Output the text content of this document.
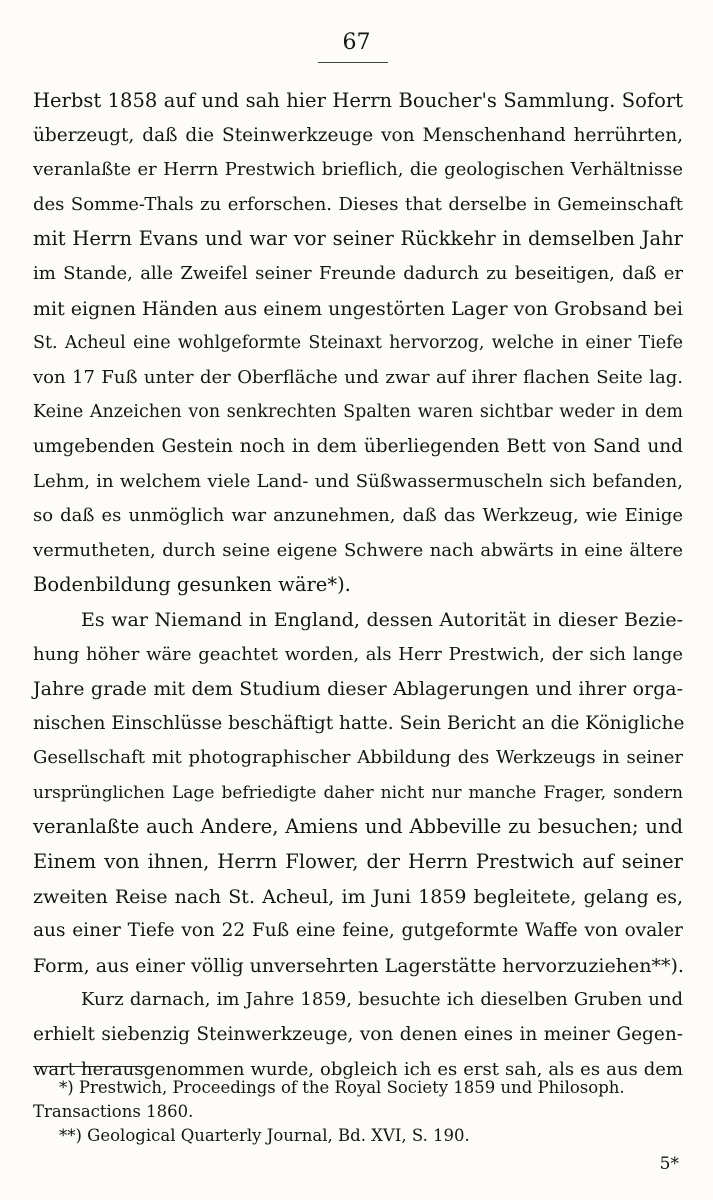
67
Herbst 1858 auf und sah hier Herrn Boucher's Sammlung. Sofort
überzeugt, daß die Steinwerkzeuge von Menschenhand herrührten,
veranlaßte er Herrn Prestwich brieflich, die geologischen Verhältnisse
des Somme-Thals zu erforschen. Dieses that derselbe in Gemeinschaft
mit Herrn Evans und war vor seiner Rückkehr in demselben Jahr
im Stande, alle Zweifel seiner Freunde dadurch zu beseitigen, daß er
mit eignen Händen aus einem ungestörten Lager von Grobsand bei
St. Acheul eine wohlgeformte Steinaxt hervorzog, welche in einer Tiefe
von 17 Fuß unter der Oberfläche und zwar auf ihrer flachen Seite lag.
Keine Anzeichen von senkrechten Spalten waren sichtbar weder in dem
umgebenden Gestein noch in dem überliegenden Bett von Sand und
Lehm, in welchem viele Land- und Süßwassermuscheln sich befanden,
so daß es unmöglich war anzunehmen, daß das Werkzeug, wie Einige
vermutheten, durch seine eigene Schwere nach abwärts in eine ältere
Bodenbildung gesunken wäre*).
Es war Niemand in England, dessen Autorität in dieser Bezie-
hung höher wäre geachtet worden, als Herr Prestwich, der sich lange
Jahre grade mit dem Studium dieser Ablagerungen und ihrer orga-
nischen Einschlüsse beschäftigt hatte. Sein Bericht an die Königliche
Gesellschaft mit photographischer Abbildung des Werkzeugs in seiner
ursprünglichen Lage befriedigte daher nicht nur manche Frager, sondern
veranlaßte auch Andere, Amiens und Abbeville zu besuchen; und
Einem von ihnen, Herrn Flower, der Herrn Prestwich auf seiner
zweiten Reise nach St. Acheul, im Juni 1859 begleitete, gelang es,
aus einer Tiefe von 22 Fuß eine feine, gutgeformte Waffe von ovaler
Form, aus einer völlig unversehrten Lagerstätte hervorzuziehen**).
Kurz darnach, im Jahre 1859, besuchte ich dieselben Gruben und
erhielt siebenzig Steinwerkzeuge, von denen eines in meiner Gegen-
wart herausgenommen wurde, obgleich ich es erst sah, als es aus dem
*) Prestwich, Proceedings of the Royal Society 1859 und Philosoph.
Transactions 1860.
**) Geological Quarterly Journal, Bd. XVI, S. 190.
5*
